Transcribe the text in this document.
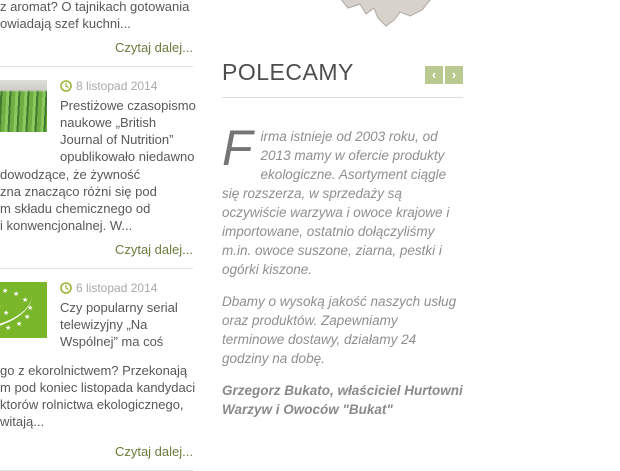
z aromat? O tajnikach gotowania
owiadają szef kuchni...
Czytaj dalej...
8 listopad 2014
Prestiżowe czasopismo
naukowe „British
Journal of Nutrition”
opublikowało niedawno
dowodzące, że żywność
zna znacząco różni się pod
m składu chemicznego od
i konwencjonalnej. W...
Czytaj dalej...
★ ★
★
★
★
★
★
★
6 listopad 2014
Czy popularny serial
telewizyjny „Na
Wspólnej” ma coś
go z ekorolnictwem? Przekonają
m pod koniec listopada kandydaci
ktorów rolnictwa ekologicznego,
witają...
Czytaj dalej...
POLECAMY	‹	›
F irma istnieje od 2003 roku, od 2013 mamy w ofercie produkty ekologiczne. Asortyment ciągle się rozszerza, w sprzedaży są oczywiście warzywa i owoce krajowe i importowane, ostatnio dołączyliśmy m.in. owoce suszone, ziarna, pestki i ogórki kiszone.

Dbamy o wysoką jakość naszych usług oraz produktów. Zapewniamy terminowe dostawy, działamy 24 godziny na dobę.

Grzegorz Bukato, właściciel Hurtowni Warzyw i Owoców "Bukat"
